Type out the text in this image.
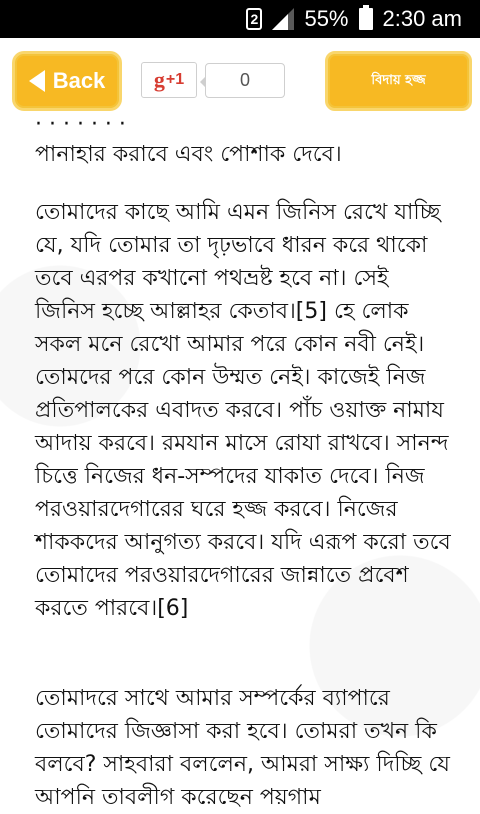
2 55% 2:30 am
Back g +1	0	বিদায় হজ্জ
· · · · · · ·

পানাহার করাবে এবং পোশাক দেবে।

তোমাদের কাছে আমি এমন জিনিস রেখে যাচ্ছি যে, যদি তোমার তা দৃঢ়ভাবে ধারন করে থাকো তবে এরপর কখানো পথভ্রষ্ট হবে না। সেই জিনিস হচ্ছে আল্লাহর কেতাব।[5] হে লোক সকল মনে রেখো আমার পরে কোন নবী নেই। তোমদের পরে কোন উম্মত নেই। কাজেই নিজ প্রতিপালকের এবাদত করবে। পাঁচ ওয়াক্ত নামায আদায় করবে। রমযান মাসে রোযা রাখবে। সানন্দ চিত্তে নিজের ধন-সম্পদের যাকাত দেবে। নিজ পরওয়ারদেগারের ঘরে হজ্জ করবে। নিজের শাককদের আনুগত্য করবে। যদি এরূপ করো তবে তোমাদের পরওয়ারদেগারের জান্নাতে প্রবেশ করতে পারবে।[6]

তোমাদরে সাথে আমার সম্পর্কের ব্যাপারে তোমাদের জিজ্ঞাসা করা হবে। তোমরা তখন কি বলবে? সাহবারা বললেন, আমরা সাক্ষ্য দিচ্ছি যে আপনি তাবলীগ করেছেন পয়গাম
